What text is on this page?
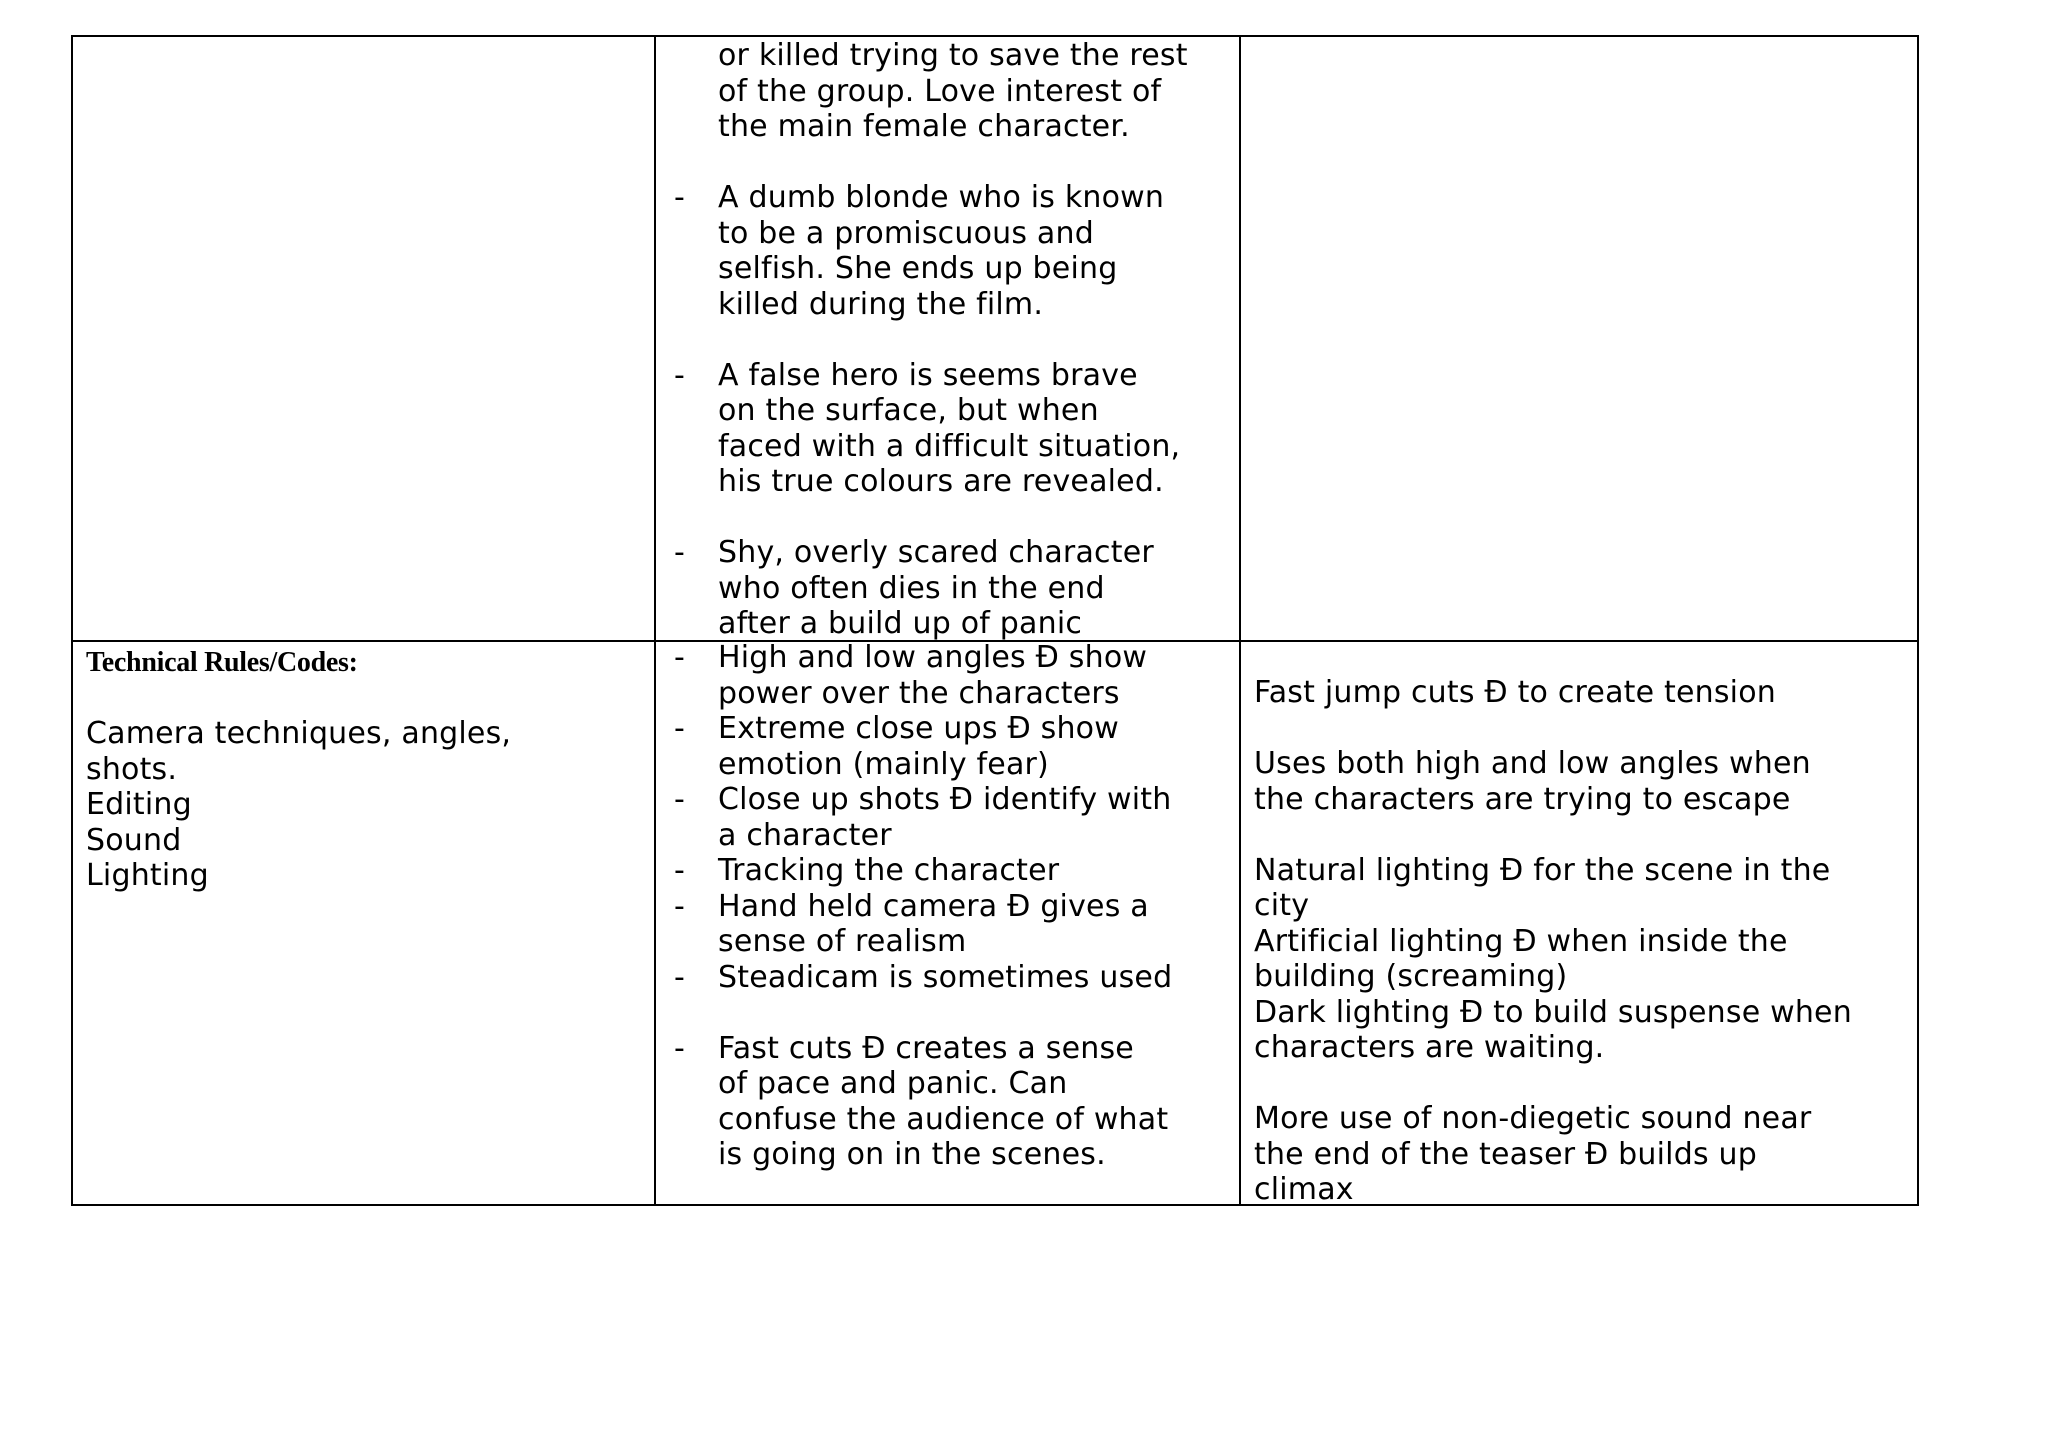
or killed trying to save the rest
of the group. Love interest of
the main female character.
- A dumb blonde who is known
to be a promiscuous and
selfish. She ends up being
killed during the film.
- A false hero is seems brave
on the surface, but when
faced with a difficult situation,
his true colours are revealed.
- Shy, overly scared character
who often dies in the end
after a build up of panic
Technical Rules/Codes:
Camera techniques, angles,
shots.
Editing
Sound
Lighting
- High and low angles Ð show
power over the characters
- Extreme close ups Ð show
emotion (mainly fear)
- Close up shots Ð identify with
a character
- Tracking the character
- Hand held camera Ð gives a
sense of realism
- Steadicam is sometimes used
- Fast cuts Ð creates a sense
of pace and panic. Can
confuse the audience of what
is going on in the scenes.
Fast jump cuts Ð to create tension
Uses both high and low angles when
the characters are trying to escape
Natural lighting Ð for the scene in the
city
Artificial lighting Ð when inside the
building (screaming)
Dark lighting Ð to build suspense when
characters are waiting.
More use of non-diegetic sound near
the end of the teaser Ð builds up
climax
